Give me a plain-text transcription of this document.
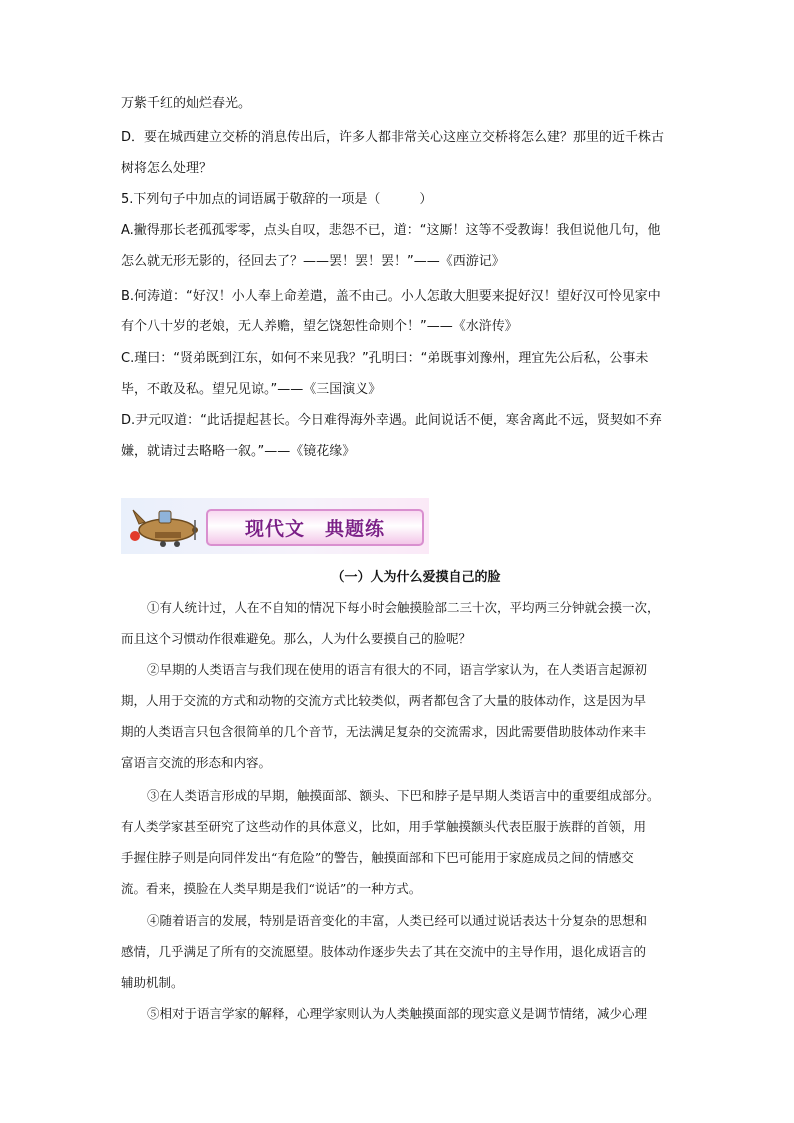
万紫千红的灿烂春光。
D．要在城西建立交桥的消息传出后，许多人都非常关心这座立交桥将怎么建？那里的近千株古
树将怎么处理？
5.下列句子中加点的词语属于敬辞的一项是（　　　）
A.撇得那长老孤孤零零，点头自叹，悲怨不已，道：“这厮！这等不受教诲！我但说他几句，他
怎么就无形无影的，径回去了？——罢！罢！罢！”——《西游记》
B.何涛道：“好汉！小人奉上命差遣，盖不由己。小人怎敢大胆要来捉好汉！望好汉可怜见家中
有个八十岁的老娘，无人养赡，望乞饶恕性命则个！”——《水浒传》
C.瑾曰：“贤弟既到江东，如何不来见我？”孔明曰：“弟既事刘豫州，理宜先公后私，公事未
毕，不敢及私。望兄见谅。”——《三国演义》
D.尹元叹道：“此话提起甚长。今日难得海外幸遇。此间说话不便，寒舍离此不远，贤契如不弃
嫌，就请过去略略一叙。”——《镜花缘》
现代文　典题练
（一）人为什么爱摸自己的脸
①有人统计过，人在不自知的情况下每小时会触摸脸部二三十次，平均两三分钟就会摸一次，
而且这个习惯动作很难避免。那么，人为什么要摸自己的脸呢？
②早期的人类语言与我们现在使用的语言有很大的不同，语言学家认为，在人类语言起源初
期，人用于交流的方式和动物的交流方式比较类似，两者都包含了大量的肢体动作，这是因为早
期的人类语言只包含很简单的几个音节，无法满足复杂的交流需求，因此需要借助肢体动作来丰
富语言交流的形态和内容。
③在人类语言形成的早期，触摸面部、额头、下巴和脖子是早期人类语言中的重要组成部分。
有人类学家甚至研究了这些动作的具体意义，比如，用手掌触摸额头代表臣服于族群的首领，用
手握住脖子则是向同伴发出“有危险”的警告，触摸面部和下巴可能用于家庭成员之间的情感交
流。看来，摸脸在人类早期是我们“说话”的一种方式。
④随着语言的发展，特别是语音变化的丰富，人类已经可以通过说话表达十分复杂的思想和
感情，几乎满足了所有的交流愿望。肢体动作逐步失去了其在交流中的主导作用，退化成语言的
辅助机制。
⑤相对于语言学家的解释，心理学家则认为人类触摸面部的现实意义是调节情绪，减少心理
